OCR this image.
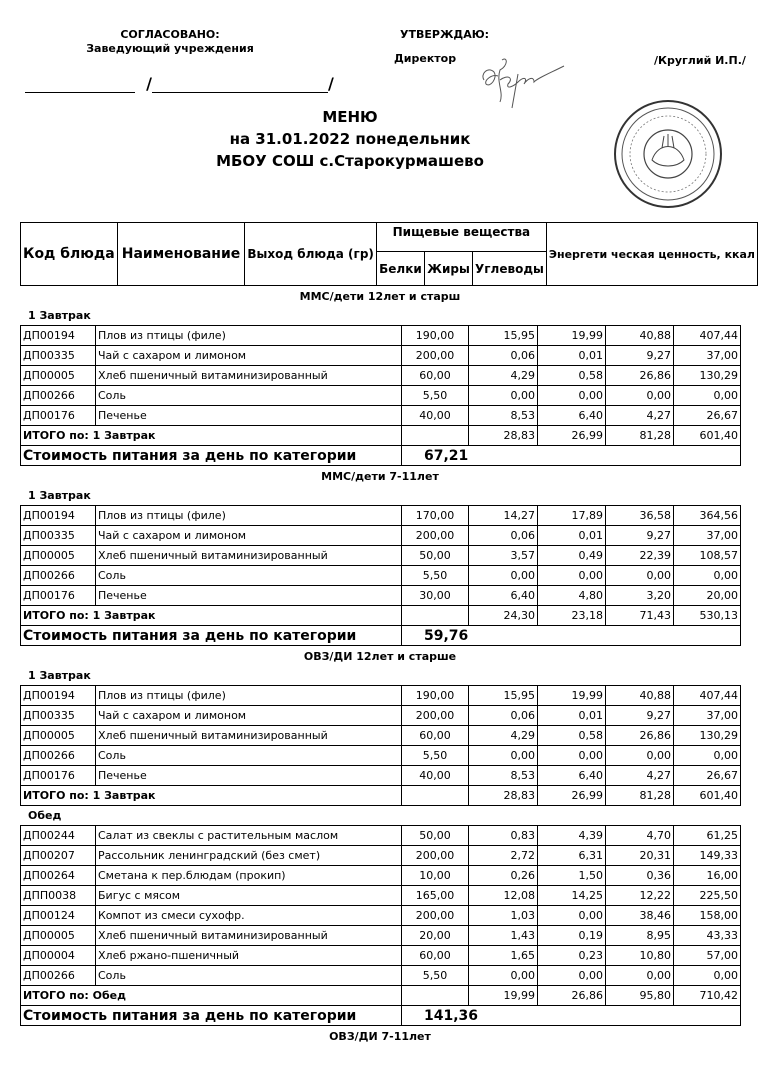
СОГЛАСОВАНО:
Заведующий учреждения
/	/
УТВЕРЖДАЮ:
Директор	/Круглий И.П./
МЕНЮ
на 31.01.2022 понедельник
МБОУ СОШ с.Старокурмашево
Код блюда	Наименование	Выход блюда (гр)	Пищевые вещества			Энергети ческая ценность, ккал
			Белки	Жиры	Углеводы	
ММС/дети 12лет и старш
1 Завтрак
ДП00194	Плов из птицы (филе)	190,00	15,95	19,99	40,88	407,44
ДП00335	Чай с сахаром и лимоном	200,00	0,06	0,01	9,27	37,00
ДП00005	Хлеб пшеничный витаминизированный	60,00	4,29	0,58	26,86	130,29
ДП00266	Соль	5,50	0,00	0,00	0,00	0,00
ДП00176	Печенье	40,00	8,53	6,40	4,27	26,67
ИТОГО по: 1 Завтрак			28,83	26,99	81,28	601,40
Стоимость питания за день по категории		67,21				
ММС/дети 7-11лет
1 Завтрак
ДП00194	Плов из птицы (филе)	170,00	14,27	17,89	36,58	364,56
ДП00335	Чай с сахаром и лимоном	200,00	0,06	0,01	9,27	37,00
ДП00005	Хлеб пшеничный витаминизированный	50,00	3,57	0,49	22,39	108,57
ДП00266	Соль	5,50	0,00	0,00	0,00	0,00
ДП00176	Печенье	30,00	6,40	4,80	3,20	20,00
ИТОГО по: 1 Завтрак			24,30	23,18	71,43	530,13
Стоимость питания за день по категории		59,76				
ОВЗ/ДИ 12лет и старше
1 Завтрак
ДП00194	Плов из птицы (филе)	190,00	15,95	19,99	40,88	407,44
ДП00335	Чай с сахаром и лимоном	200,00	0,06	0,01	9,27	37,00
ДП00005	Хлеб пшеничный витаминизированный	60,00	4,29	0,58	26,86	130,29
ДП00266	Соль	5,50	0,00	0,00	0,00	0,00
ДП00176	Печенье	40,00	8,53	6,40	4,27	26,67
ИТОГО по: 1 Завтрак			28,83	26,99	81,28	601,40
Обед
ДП00244	Салат из свеклы с растительным маслом	50,00	0,83	4,39	4,70	61,25
ДП00207	Рассольник ленинградский (без смет)	200,00	2,72	6,31	20,31	149,33
ДП00264	Сметана к пер.блюдам (прокип)	10,00	0,26	1,50	0,36	16,00
ДПП0038	Бигус с мясом	165,00	12,08	14,25	12,22	225,50
ДП00124	Компот из смеси сухофр.	200,00	1,03	0,00	38,46	158,00
ДП00005	Хлеб пшеничный витаминизированный	20,00	1,43	0,19	8,95	43,33
ДП00004	Хлеб ржано-пшеничный	60,00	1,65	0,23	10,80	57,00
ДП00266	Соль	5,50	0,00	0,00	0,00	0,00
ИТОГО по: Обед			19,99	26,86	95,80	710,42
Стоимость питания за день по категории		141,36				
ОВЗ/ДИ 7-11лет
